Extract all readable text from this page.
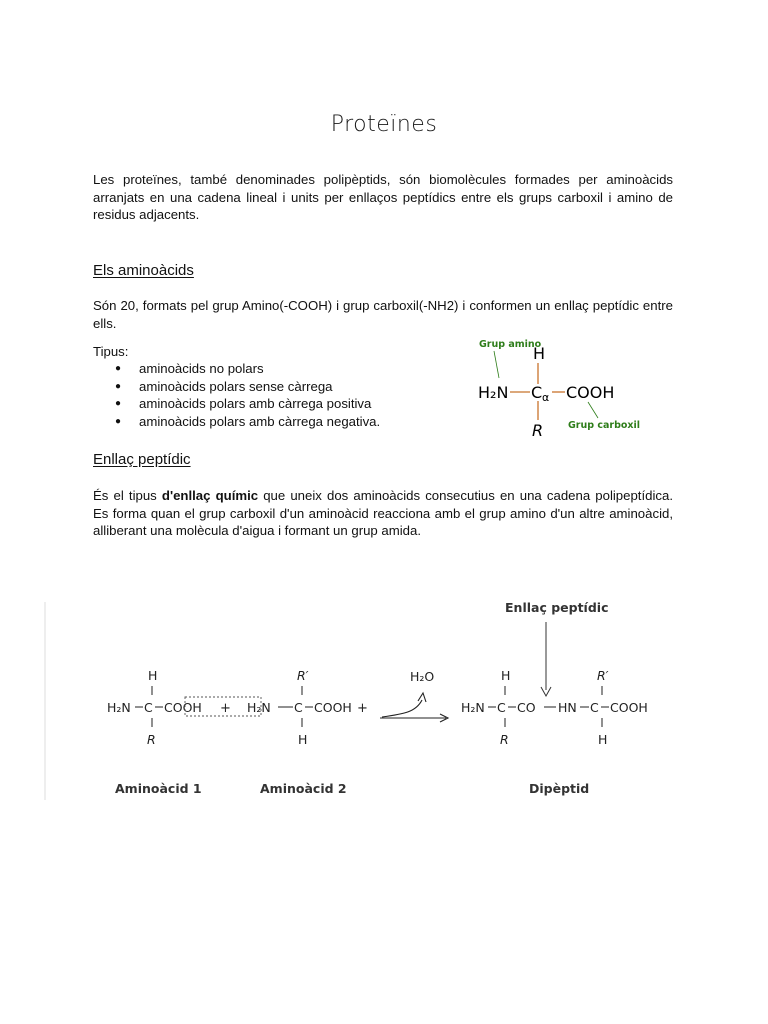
Proteïnes
Les proteïnes, també denominades polipèptids, són biomolècules formades per aminoàcids arranjats en una cadena lineal i units per enllaços peptídics entre els grups carboxil i amino de residus adjacents.
Els aminoàcids
Són 20, formats pel grup Amino(-COOH) i grup carboxil(-NH2) i conformen un enllaç peptídic entre ells.
Tipus:
● aminoàcids no polars
● aminoàcids polars sense càrrega
● aminoàcids polars amb càrrega positiva
● aminoàcids polars amb càrrega negativa.
Grup amino
H
H₂N C α COOH
R	Grup carboxil
Enllaç peptídic
És el tipus d'enllaç químic que uneix dos aminoàcids consecutius en una cadena polipeptídica. Es forma quan el grup carboxil d'un aminoàcid reacciona amb el grup amino d'un altre aminoàcid, alliberant una molècula d'aigua i formant un grup amida.
Enllaç peptídic
H
H₂N C COOH
R
+
R′
H₂N C COOH
H
+
H₂O	H
H₂N C CO HN C COOH
R
R′
H
Aminoàcid 1	Aminoàcid 2	Dipèptid
